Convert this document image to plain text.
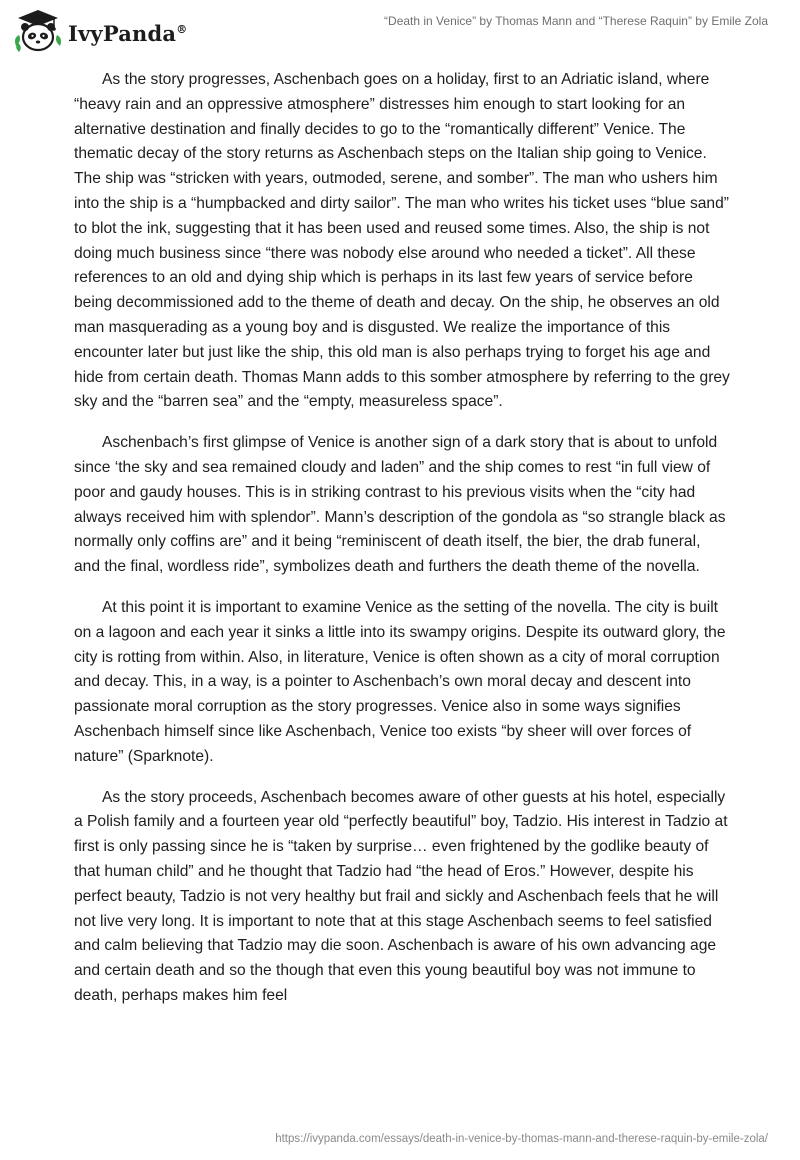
IvyPanda®
“Death in Venice” by Thomas Mann and “Therese Raquin” by Emile Zola

As the story progresses, Aschenbach goes on a holiday, first to an Adriatic island, where “heavy rain and an oppressive atmosphere” distresses him enough to start looking for an alternative destination and finally decides to go to the “romantically different” Venice. The thematic decay of the story returns as Aschenbach steps on the Italian ship going to Venice. The ship was “stricken with years, outmoded, serene, and somber”. The man who ushers him into the ship is a “humpbacked and dirty sailor”. The man who writes his ticket uses “blue sand” to blot the ink, suggesting that it has been used and reused some times. Also, the ship is not doing much business since “there was nobody else around who needed a ticket”. All these references to an old and dying ship which is perhaps in its last few years of service before being decommissioned add to the theme of death and decay. On the ship, he observes an old man masquerading as a young boy and is disgusted. We realize the importance of this encounter later but just like the ship, this old man is also perhaps trying to forget his age and hide from certain death. Thomas Mann adds to this somber atmosphere by referring to the grey sky and the “barren sea” and the “empty, measureless space”.

Aschenbach’s first glimpse of Venice is another sign of a dark story that is about to unfold since ‘the sky and sea remained cloudy and laden” and the ship comes to rest “in full view of poor and gaudy houses. This is in striking contrast to his previous visits when the “city had always received him with splendor”. Mann’s description of the gondola as “so strangle black as normally only coffins are” and it being “reminiscent of death itself, the bier, the drab funeral, and the final, wordless ride”, symbolizes death and furthers the death theme of the novella.

At this point it is important to examine Venice as the setting of the novella. The city is built on a lagoon and each year it sinks a little into its swampy origins. Despite its outward glory, the city is rotting from within. Also, in literature, Venice is often shown as a city of moral corruption and decay. This, in a way, is a pointer to Aschenbach’s own moral decay and descent into passionate moral corruption as the story progresses. Venice also in some ways signifies Aschenbach himself since like Aschenbach, Venice too exists “by sheer will over forces of nature” (Sparknote).

As the story proceeds, Aschenbach becomes aware of other guests at his hotel, especially a Polish family and a fourteen year old “perfectly beautiful” boy, Tadzio. His interest in Tadzio at first is only passing since he is “taken by surprise… even frightened by the godlike beauty of that human child” and he thought that Tadzio had “the head of Eros.” However, despite his perfect beauty, Tadzio is not very healthy but frail and sickly and Aschenbach feels that he will not live very long. It is important to note that at this stage Aschenbach seems to feel satisfied and calm believing that Tadzio may die soon. Aschenbach is aware of his own advancing age and certain death and so the though that even this young beautiful boy was not immune to death, perhaps makes him feel

https://ivypanda.com/essays/death-in-venice-by-thomas-mann-and-therese-raquin-by-emile-zola/
